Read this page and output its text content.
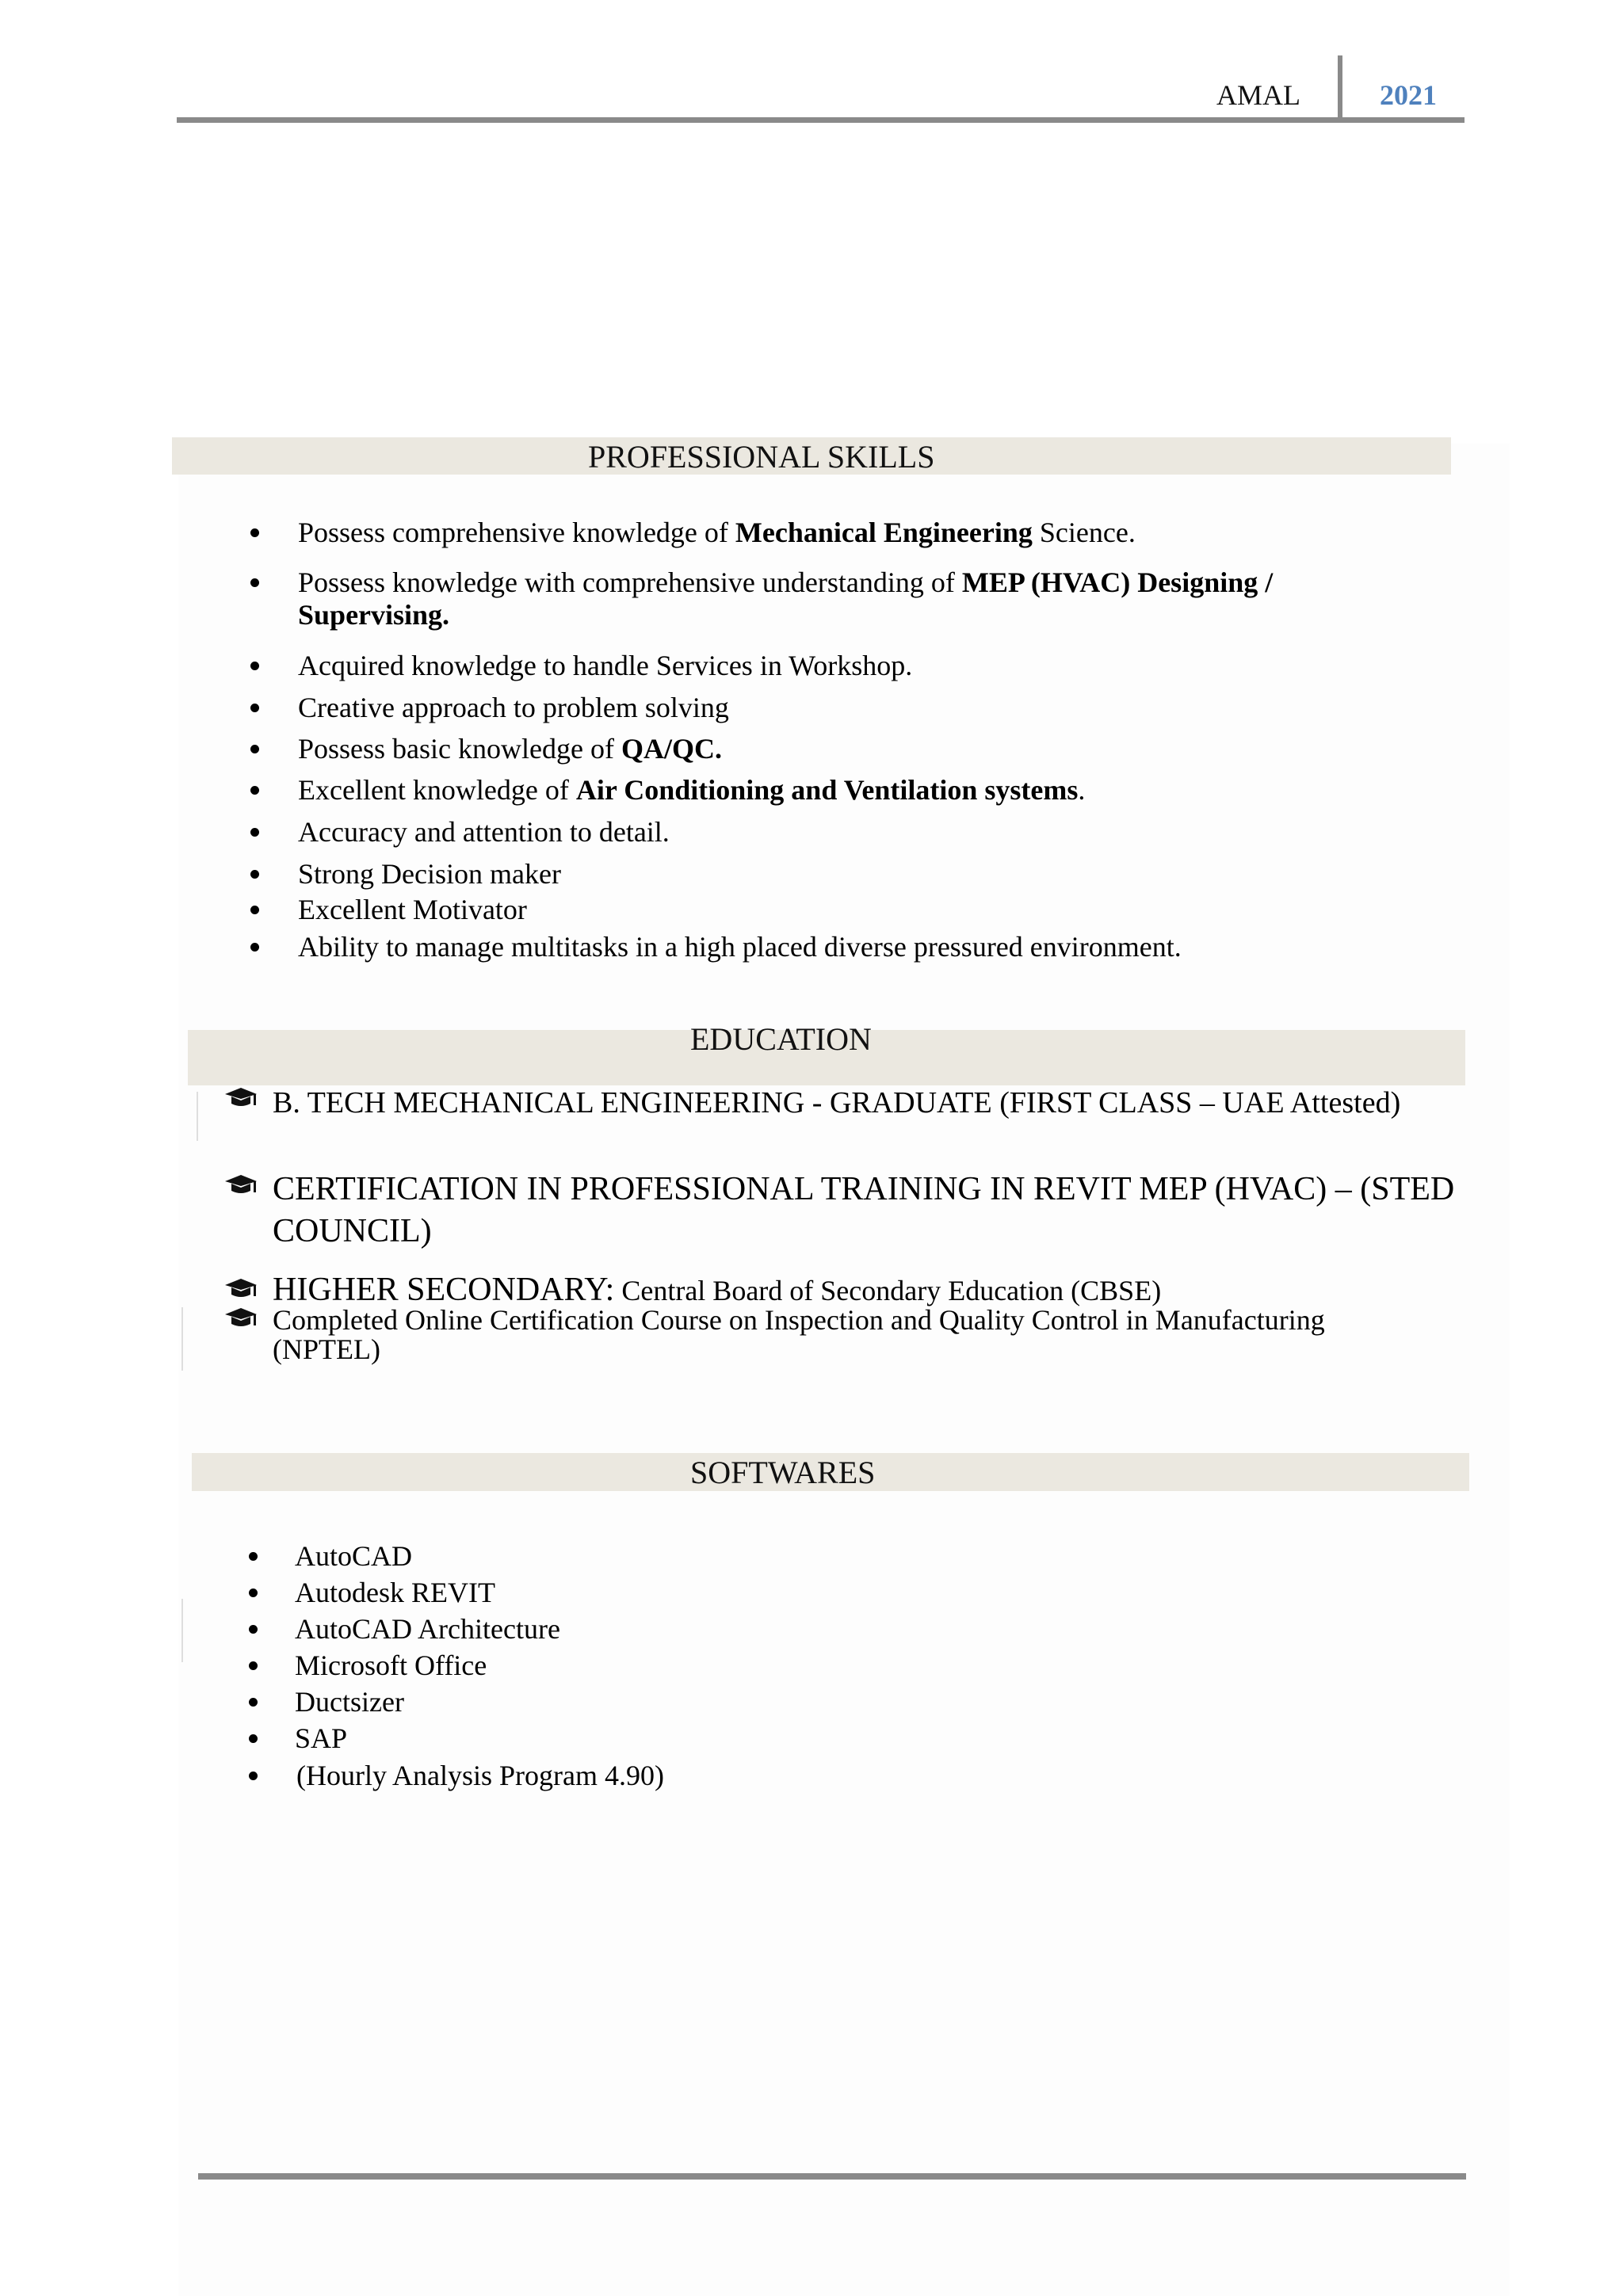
AMAL	2021
PROFESSIONAL SKILLS
Possess comprehensive knowledge of Mechanical Engineering Science.
Possess knowledge with comprehensive understanding of MEP (HVAC) Designing /
Supervising.
Acquired knowledge to handle Services in Workshop.
Creative approach to problem solving
Possess basic knowledge of QA/QC.
Excellent knowledge of Air Conditioning and Ventilation systems.
Accuracy and attention to detail.
Strong Decision maker
Excellent Motivator
Ability to manage multitasks in a high placed diverse pressured environment.
EDUCATION
B. TECH MECHANICAL ENGINEERING - GRADUATE (FIRST CLASS – UAE Attested)
CERTIFICATION IN PROFESSIONAL TRAINING IN REVIT MEP (HVAC) – (STED
COUNCIL)
HIGHER SECONDARY: Central Board of Secondary Education (CBSE)
Completed Online Certification Course on Inspection and Quality Control in Manufacturing
(NPTEL)
SOFTWARES
AutoCAD
Autodesk REVIT
AutoCAD Architecture
Microsoft Office
Ductsizer
SAP
(Hourly Analysis Program 4.90)
